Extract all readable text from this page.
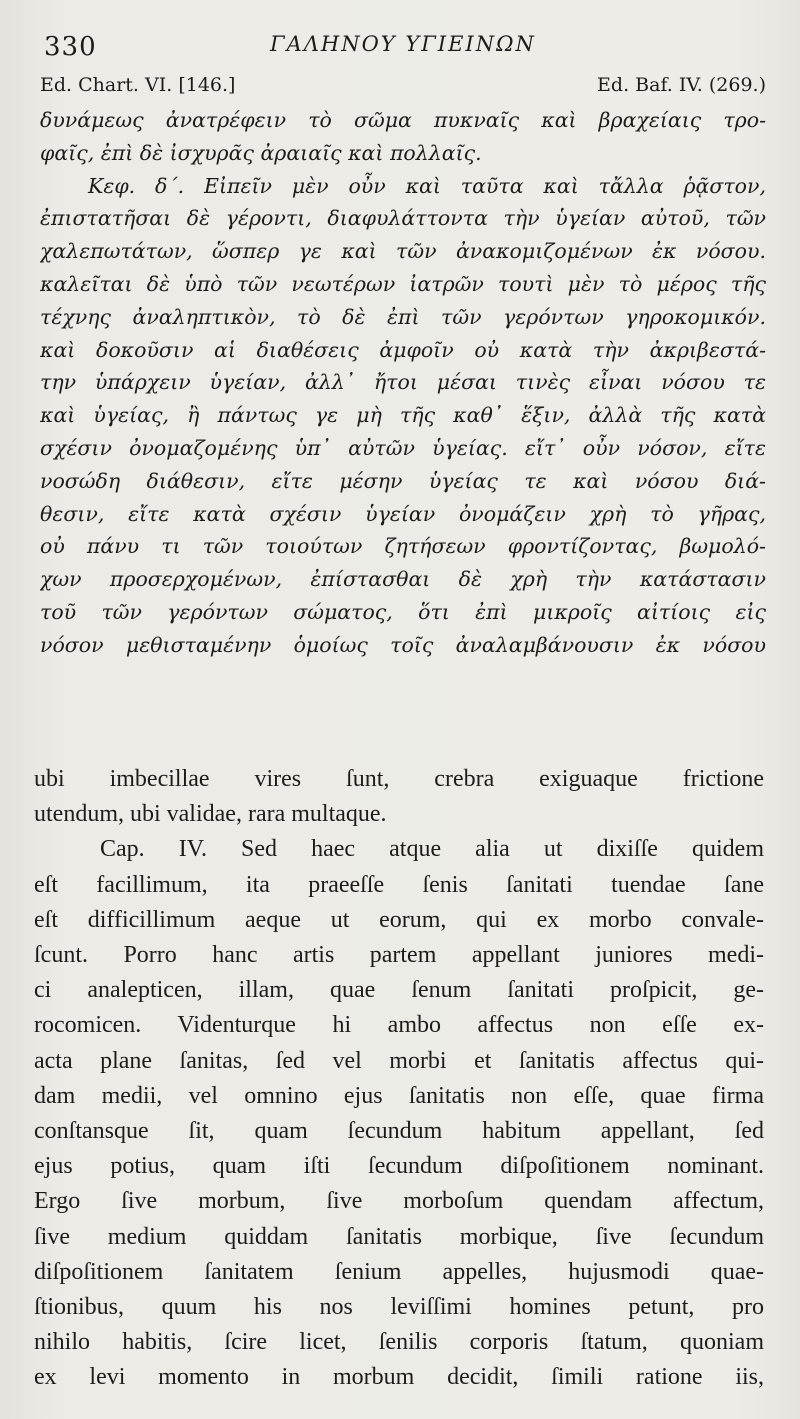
330	ΓΑΛΗΝΟΥ ΥΓΙΕΙΝΩΝ
Ed. Chart. VI. [146.]	Ed. Baf. IV. (269.)
δυνάμεως ἀνατρέφειν τὸ σῶμα πυκναῖς καὶ βραχείαις τρο-
φαῖς, ἐπὶ δὲ ἰσχυρᾶς ἀραιαῖς καὶ πολλαῖς.
Κεφ. δ΄. Εἰπεῖν μὲν οὖν καὶ ταῦτα καὶ τἄλλα ῥᾷστον,
ἐπιστατῆσαι δὲ γέροντι, διαφυλάττοντα τὴν ὑγείαν αὐτοῦ, τῶν
χαλεπωτάτων, ὥσπερ γε καὶ τῶν ἀνακομιζομένων ἐκ νόσου.
καλεῖται δὲ ὑπὸ τῶν νεωτέρων ἰατρῶν τουτὶ μὲν τὸ μέρος τῆς
τέχνης ἀναληπτικὸν, τὸ δὲ ἐπὶ τῶν γερόντων γηροκομικόν.
καὶ δοκοῦσιν αἱ διαθέσεις ἀμφοῖν οὐ κατὰ τὴν ἀκριβεστά-
την ὑπάρχειν ὑγείαν, ἀλλ᾽ ἤτοι μέσαι τινὲς εἶναι νόσου τε
καὶ ὑγείας, ἢ πάντως γε μὴ τῆς καθ᾽ ἕξιν, ἀλλὰ τῆς κατὰ
σχέσιν ὀνομαζομένης ὑπ᾽ αὐτῶν ὑγείας. εἴτ᾽ οὖν νόσον, εἴτε
νοσώδη διάθεσιν, εἴτε μέσην ὑγείας τε καὶ νόσου διά-
θεσιν, εἴτε κατὰ σχέσιν ὑγείαν ὀνομάζειν χρὴ τὸ γῆρας,
οὐ πάνυ τι τῶν τοιούτων ζητήσεων φροντίζοντας, βωμολό-
χων προσερχομένων, ἐπίστασθαι δὲ χρὴ τὴν κατάστασιν
τοῦ τῶν γερόντων σώματος, ὅτι ἐπὶ μικροῖς αἰτίοις εἰς
νόσον μεθισταμένην ὁμοίως τοῖς ἀναλαμβάνουσιν ἐκ νόσου
ubi imbecillae vires ſunt, crebra exiguaque frictione
utendum, ubi validae, rara multaque.
Cap. IV. Sed haec atque alia ut dixiſſe quidem
eſt facillimum, ita praeeſſe ſenis ſanitati tuendae ſane
eſt difficillimum aeque ut eorum, qui ex morbo convale-
ſcunt. Porro hanc artis partem appellant juniores medi-
ci analepticen, illam, quae ſenum ſanitati proſpicit, ge-
rocomicen. Videnturque hi ambo affectus non eſſe ex-
acta plane ſanitas, ſed vel morbi et ſanitatis affectus qui-
dam medii, vel omnino ejus ſanitatis non eſſe, quae firma
conſtansque ſit, quam ſecundum habitum appellant, ſed
ejus potius, quam iſti ſecundum diſpoſitionem nominant.
Ergo ſive morbum, ſive morboſum quendam affectum,
ſive medium quiddam ſanitatis morbique, ſive ſecundum
diſpoſitionem ſanitatem ſenium appelles, hujusmodi quae-
ſtionibus, quum his nos leviſſimi homines petunt, pro
nihilo habitis, ſcire licet, ſenilis corporis ſtatum, quoniam
ex levi momento in morbum decidit, ſimili ratione iis,
